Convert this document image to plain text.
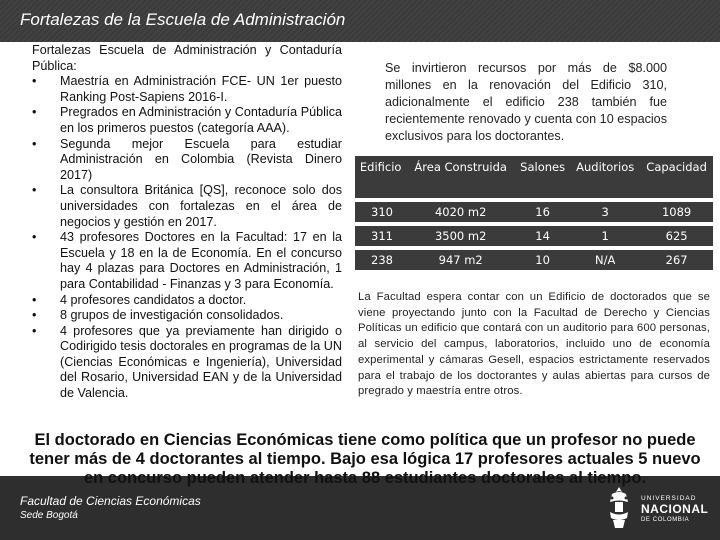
Fortalezas de la Escuela de Administración

Fortalezas Escuela de Administración y Contaduría Pública:

• Maestría en Administración FCE- UN 1er puesto Ranking Post-Sapiens 2016-I.
• Pregrados en Administración y Contaduría Pública en los primeros puestos (categoría AAA).
• Segunda mejor Escuela para estudiar Administración en Colombia (Revista Dinero 2017)
• La consultora Británica [QS], reconoce solo dos universidades con fortalezas en el área de negocios y gestión en 2017.
• 43 profesores Doctores en la Facultad: 17 en la Escuela y 18 en la de Economía. En el concurso hay 4 plazas para Doctores en Administración, 1 para Contabilidad - Finanzas y 3 para Economía.
• 4 profesores candidatos a doctor.
• 8 grupos de investigación consolidados.
• 4 profesores que ya previamente han dirigido o Codirigido tesis doctorales en programas de la UN (Ciencias Económicas e Ingeniería), Universidad del Rosario, Universidad EAN y de la Universidad de Valencia.
Se invirtieron recursos por más de $8.000 millones en la renovación del Edificio 310, adicionalmente el edificio 238 también fue recientemente renovado y cuenta con 10 espacios exclusivos para los doctorantes.
Edificio	Área Construida	Salones	Auditorios	Capacidad
310	4020 m2	16	3	1089
311	3500 m2	14	1	625
238	947 m2	10	N/A	267
La Facultad espera contar con un Edificio de doctorados que se viene proyectando junto con la Facultad de Derecho y Ciencias Políticas un edificio que contará con un auditorio para 600 personas, al servicio del campus, laboratorios, incluido uno de economía experimental y cámaras Gesell, espacios estrictamente reservados para el trabajo de los doctorantes y aulas abiertas para cursos de pregrado y maestría entre otros.
El doctorado en Ciencias Económicas tiene como política que un profesor no puede tener más de 4 doctorantes al tiempo. Bajo esa lógica 17 profesores actuales 5 nuevo en concurso pueden atender hasta 88 estudiantes doctorales al tiempo.
Facultad de Ciencias Económicas
Sede Bogotá
UNIVERSIDAD
NACIONAL
DE COLOMBIA
